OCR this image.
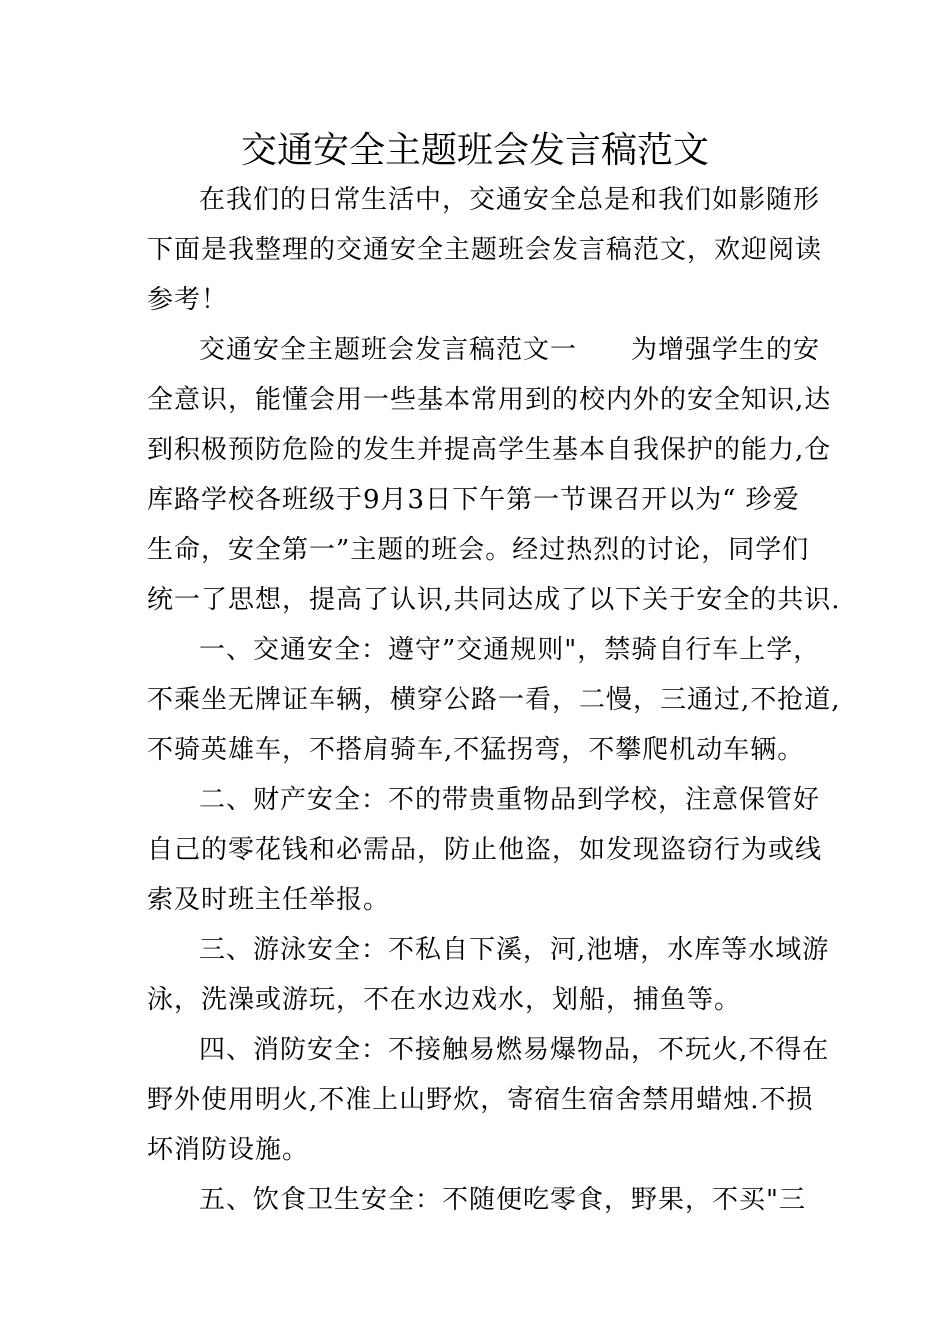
交通安全主题班会发言稿范文
在我们的日常生活中，交通安全总是和我们如影随形
下面是我整理的交通安全主题班会发言稿范文，欢迎阅读
参考！
交通安全主题班会发言稿范文一　　为增强学生的安
全意识，能懂会用一些基本常用到的校内外的安全知识,达
到积极预防危险的发生并提高学生基本自我保护的能力,仓
库路学校各班级于9月3日下午第一节课召开以为“ 珍爱
生命，安全第一”主题的班会。经过热烈的讨论，同学们
统一了思想，提高了认识,共同达成了以下关于安全的共识.
一、交通安全：遵守”交通规则"，禁骑自行车上学，
不乘坐无牌证车辆，横穿公路一看，二慢，三通过,不抢道,
不骑英雄车，不搭肩骑车,不猛拐弯，不攀爬机动车辆。
二、财产安全：不的带贵重物品到学校，注意保管好
自己的零花钱和必需品，防止他盗，如发现盗窃行为或线
索及时班主任举报。
三、游泳安全：不私自下溪，河,池塘，水库等水域游
泳，洗澡或游玩，不在水边戏水，划船，捕鱼等。
四、消防安全：不接触易燃易爆物品，不玩火,不得在
野外使用明火,不准上山野炊，寄宿生宿舍禁用蜡烛.不损
坏消防设施。
五、饮食卫生安全：不随便吃零食，野果，不买"三
